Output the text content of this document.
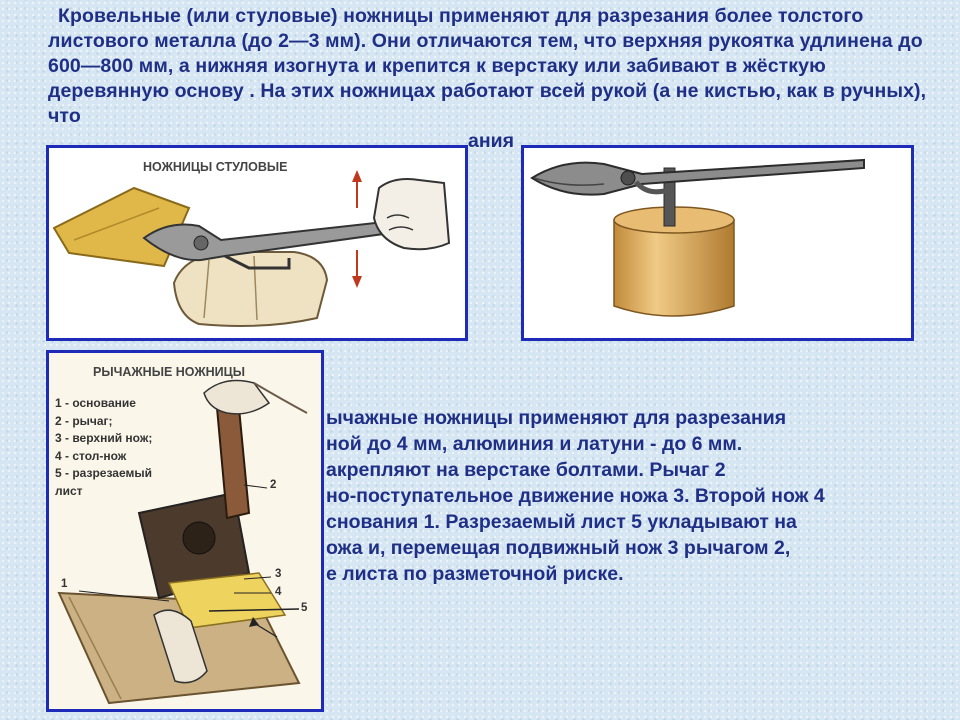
Кровельные (или стуловые) ножницы применяют для разрезания более толстого листового металла (до 2—3 мм). Они отличаются тем, что верхняя рукоятка удлинена до 600—800 мм, а нижняя изогнута и крепится к верстаку или забивают в жёсткую деревянную основу . На этих ножницах работают всей рукой (а не кистью, как в ручных), что
НОЖНИЦЫ СТУЛОВЫЕ
ания
РЫЧАЖНЫЕ НОЖНИЦЫ
1 - основание
2 - рычаг;
3 - верхний нож;
4 - стол-нож
5 - разрезаемый
лист
1
2
3
4
5
ычажные ножницы применяют для разрезания
ной до 4 мм, алюминия и латуни - до 6 мм.
акрепляют на верстаке болтами. Рычаг 2
но-поступательное движение ножа 3. Второй нож 4
снования 1. Разрезаемый лист 5 укладывают на
ожа и, перемещая подвижный нож 3 рычагом 2,
е листа по разметочной риске.
